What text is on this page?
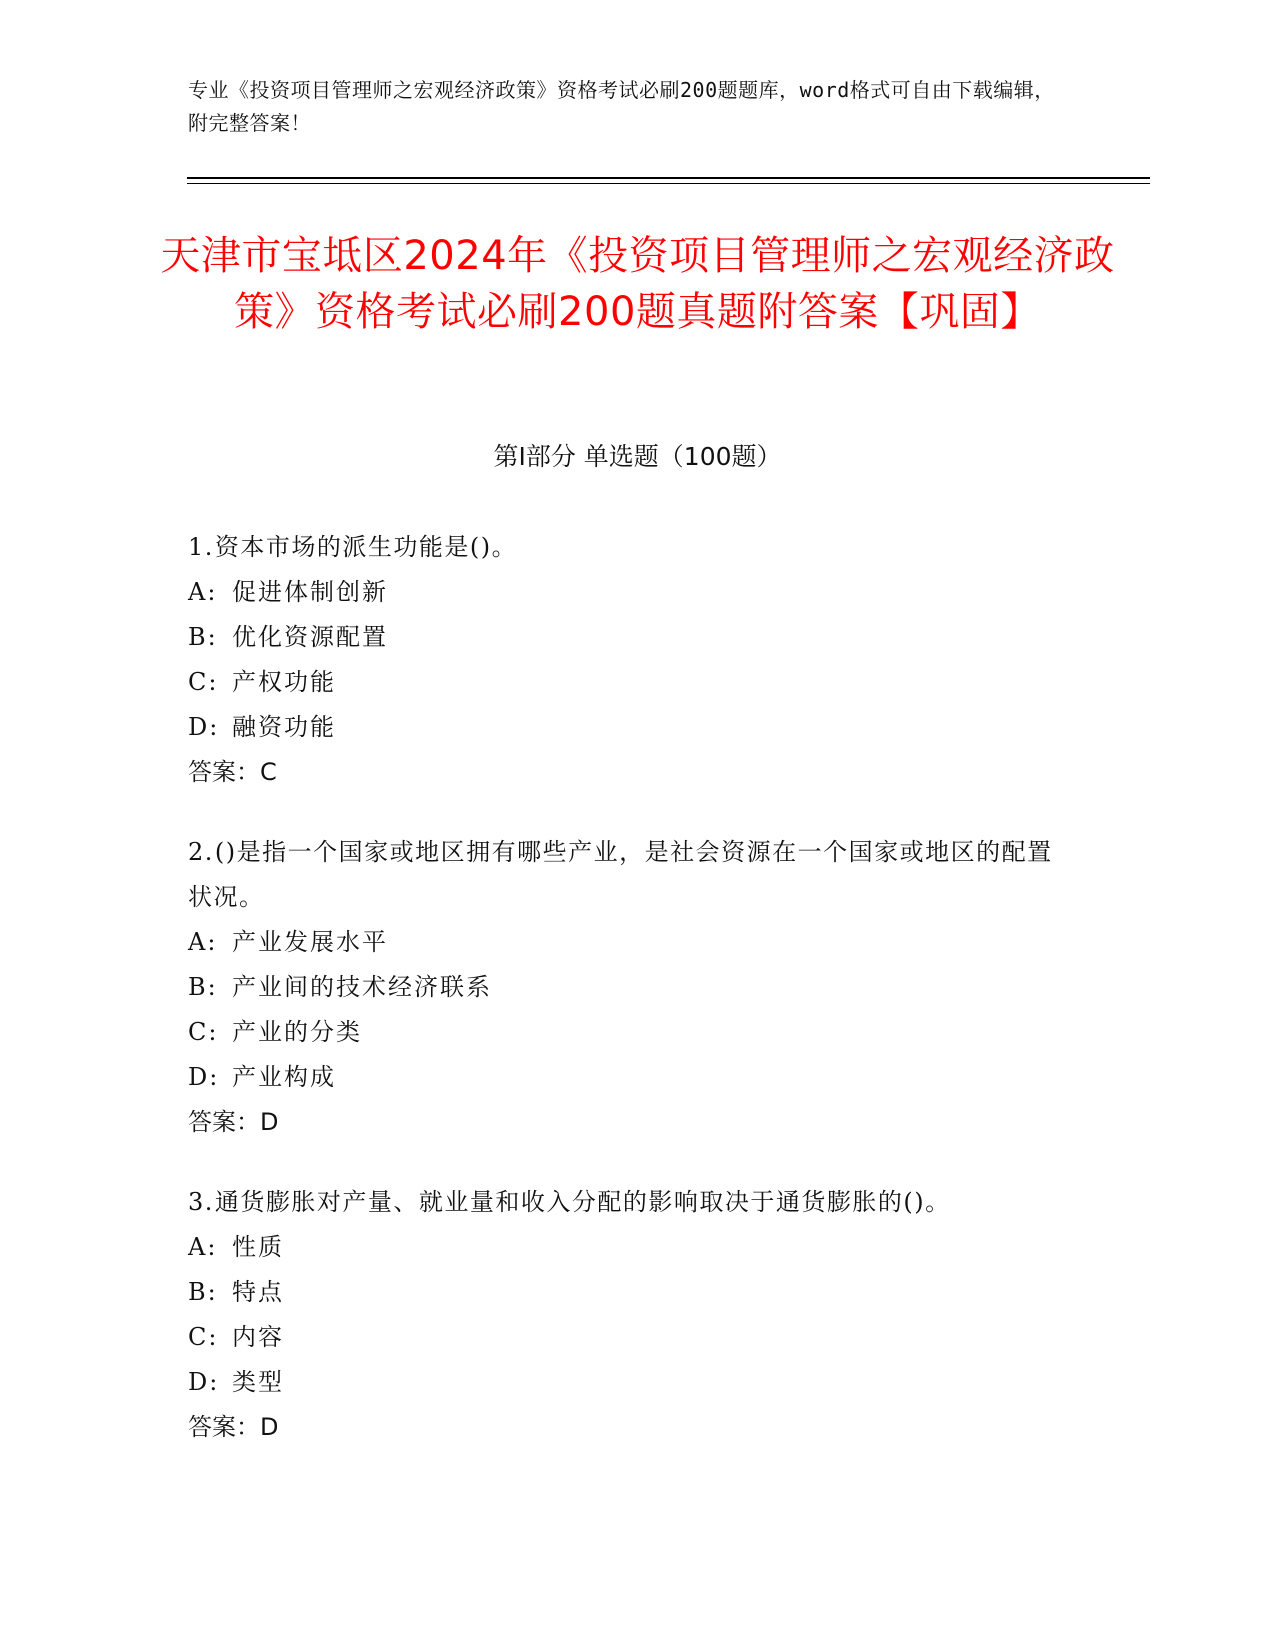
专业《投资项目管理师之宏观经济政策》资格考试必刷200题题库，word格式可自由下载编辑，附完整答案！
天津市宝坻区2024年《投资项目管理师之宏观经济政策》资格考试必刷200题真题附答案【巩固】
第Ⅰ部分 单选题（100题）
1.资本市场的派生功能是()。
A: 促进体制创新
B: 优化资源配置
C: 产权功能
D: 融资功能
答案：C
2.()是指一个国家或地区拥有哪些产业，是社会资源在一个国家或地区的配置状况。
A: 产业发展水平
B: 产业间的技术经济联系
C: 产业的分类
D: 产业构成
答案：D
3.通货膨胀对产量、就业量和收入分配的影响取决于通货膨胀的()。
A: 性质
B: 特点
C: 内容
D: 类型
答案：D
